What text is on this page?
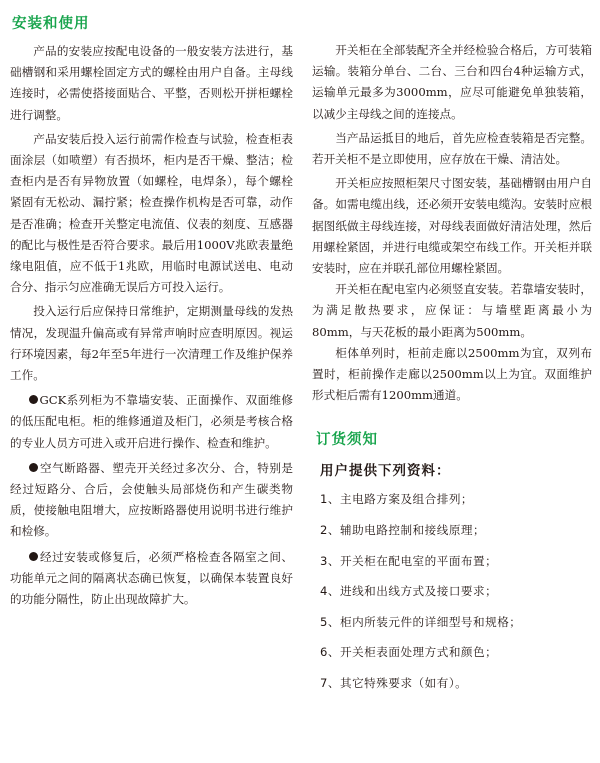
安装和使用

产品的安装应按配电设备的一般安装方法进行，基础槽钢和采用螺栓固定方式的螺栓由用户自备。主母线连接时，必需使搭接面贴合、平整，否则松开拼柜螺栓进行调整。

产品安装后投入运行前需作检查与试验，检查柜表面涂层（如喷塑）有否损坏，柜内是否干燥、整洁；检查柜内是否有异物放置（如螺栓，电焊条），每个螺栓紧固有无松动、漏拧紧；检查操作机构是否可靠，动作是否准确；检查开关整定电流值、仪表的刻度、互感器的配比与极性是否符合要求。最后用1000V兆欧表量绝缘电阻值，应不低于1兆欧，用临时电源试送电、电动合分、指示匀应准确无误后方可投入运行。

投入运行后应保持日常维护，定期测量母线的发热情况，发现温升偏高或有异常声响时应查明原因。视运行环境因素，每2年至5年进行一次清理工作及维护保养工作。

GCK系列柜为不靠墙安装、正面操作、双面维修的低压配电柜。柜的维修通道及柜门，必须是考核合格的专业人员方可进入或开启进行操作、检查和维护。

空气断路器、塑壳开关经过多次分、合，特别是经过短路分、合后，会使触头局部烧伤和产生碳类物质，使接触电阻增大，应按断路器使用说明书进行维护和检修。

经过安装或修复后，必须严格检查各隔室之间、功能单元之间的隔离状态确已恢复，以确保本装置良好的功能分隔性，防止出现故障扩大。

开关柜在全部装配齐全并经检验合格后，方可装箱运输。装箱分单台、二台、三台和四台4种运输方式，运输单元最多为3000mm，应尽可能避免单独装箱，以减少主母线之间的连接点。

当产品运抵目的地后，首先应检查装箱是否完整。若开关柜不是立即使用，应存放在干燥、清洁处。

开关柜应按照柜架尺寸图安装，基础槽钢由用户自备。如需电缆出线，还必须开安装电缆沟。安装时应根据图纸做主母线连接，对母线表面做好清洁处理，然后用螺栓紧固，并进行电缆或架空布线工作。开关柜并联安装时，应在并联孔部位用螺栓紧固。

开关柜在配电室内必须竖直安装。若靠墙安装时，为满足散热要求，应保证：与墙壁距离最小为80mm，与天花板的最小距离为500mm。

柜体单列时，柜前走廊以2500mm为宜，双列布置时，柜前操作走廊以2500mm以上为宜。双面维护形式柜后需有1200mm通道。

订货须知
用户提供下列资料：
1、主电路方案及组合排列；
2、辅助电路控制和接线原理；
3、开关柜在配电室的平面布置；
4、进线和出线方式及接口要求；
5、柜内所装元件的详细型号和规格；
6、开关柜表面处理方式和颜色；
7、其它特殊要求（如有）。
